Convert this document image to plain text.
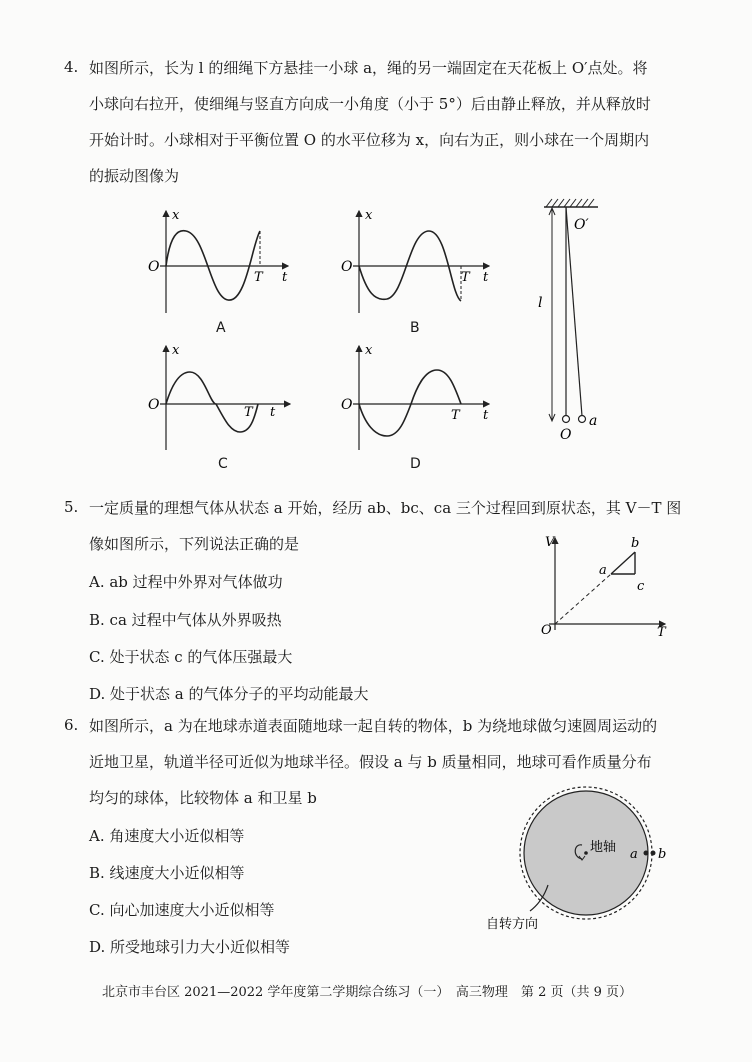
4. 如图所示，长为 l 的细绳下方悬挂一小球 a，绳的另一端固定在天花板上 O′点处。将
小球向右拉开，使细绳与竖直方向成一小角度（小于 5°）后由静止释放，并从释放时
开始计时。小球相对于平衡位置 O 的水平位移为 x，向右为正，则小球在一个周期内
的振动图像为
x
O
T t
A
x
O
T t
B
x
O	T t
C
x
O
T t
D
O′
l
O
a
5. 一定质量的理想气体从状态 a 开始，经历 ab、bc、ca 三个过程回到原状态，其 V－T 图
像如图所示，下列说法正确的是
A. ab 过程中外界对气体做功
B. ca 过程中气体从外界吸热
C. 处于状态 c 的气体压强最大
D. 处于状态 a 的气体分子的平均动能最大
V
T
O
a
b
c
6. 如图所示，a 为在地球赤道表面随地球一起自转的物体，b 为绕地球做匀速圆周运动的
近地卫星，轨道半径可近似为地球半径。假设 a 与 b 质量相同，地球可看作质量分布
均匀的球体，比较物体 a 和卫星 b
A. 角速度大小近似相等
B. 线速度大小近似相等
C. 向心加速度大小近似相等
D. 所受地球引力大小近似相等
地轴 a b
自转方向
北京市丰台区 2021—2022 学年度第二学期综合练习（一）　高三物理　第 2 页（共 9 页）
